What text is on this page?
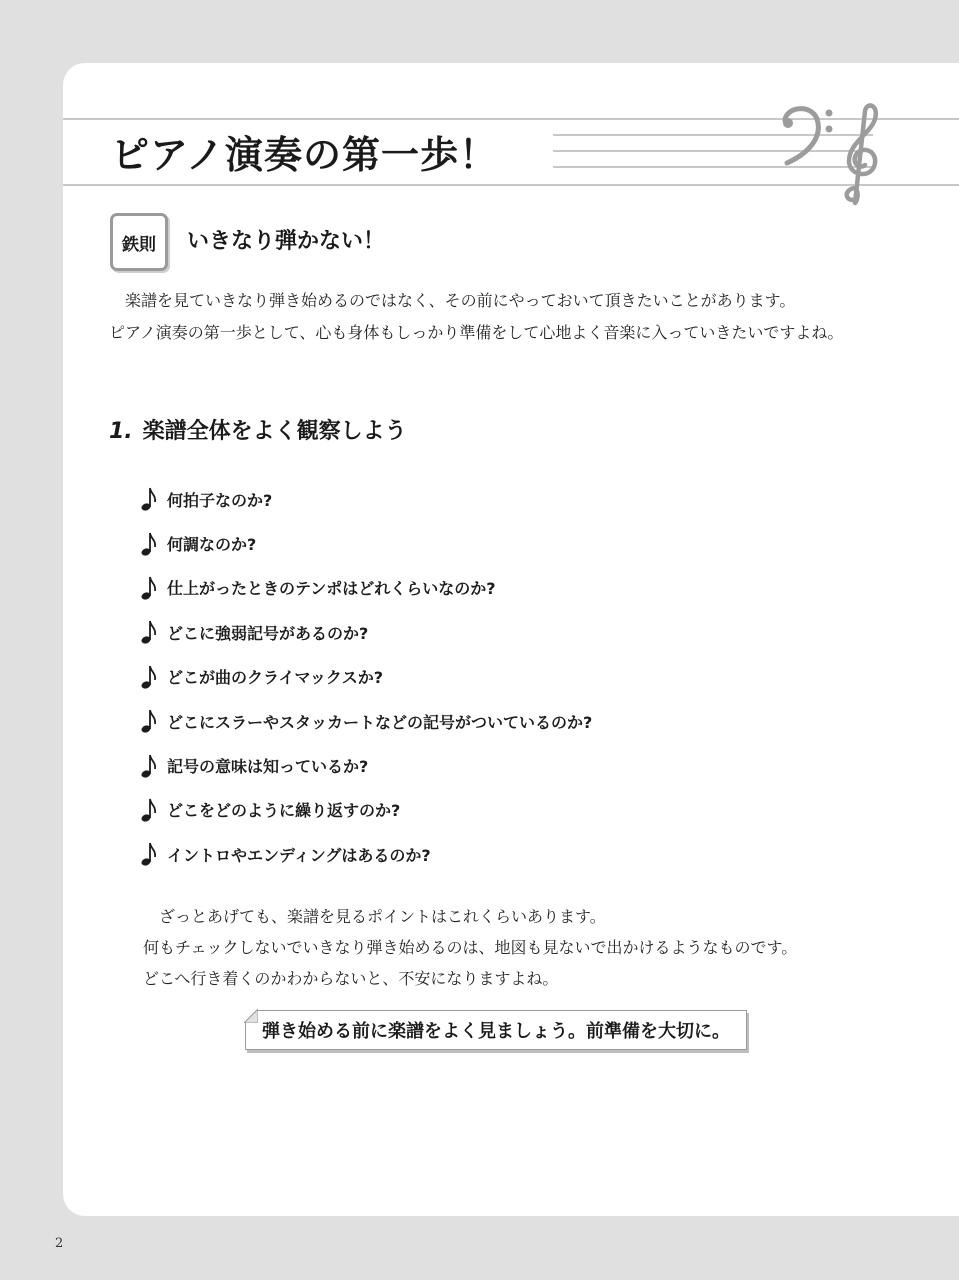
ピアノ演奏の第一歩！
鉄則	いきなり弾かない！

　楽譜を見ていきなり弾き始めるのではなく、その前にやっておいて頂きたいことがあります。

ピアノ演奏の第一歩として、心も身体もしっかり準備をして心地よく音楽に入っていきたいですよね。

1. 楽譜全体をよく観察しよう
何拍子なのか?
何調なのか?
仕上がったときのテンポはどれくらいなのか?
どこに強弱記号があるのか?
どこが曲のクライマックスか?
どこにスラーやスタッカートなどの記号がついているのか?
記号の意味は知っているか?
どこをどのように繰り返すのか?
イントロやエンディングはあるのか?

　ざっとあげても、楽譜を見るポイントはこれくらいあります。

何もチェックしないでいきなり弾き始めるのは、地図も見ないで出かけるようなものです。

どこへ行き着くのかわからないと、不安になりますよね。

弾き始める前に楽譜をよく見ましょう。前準備を大切に。
2
